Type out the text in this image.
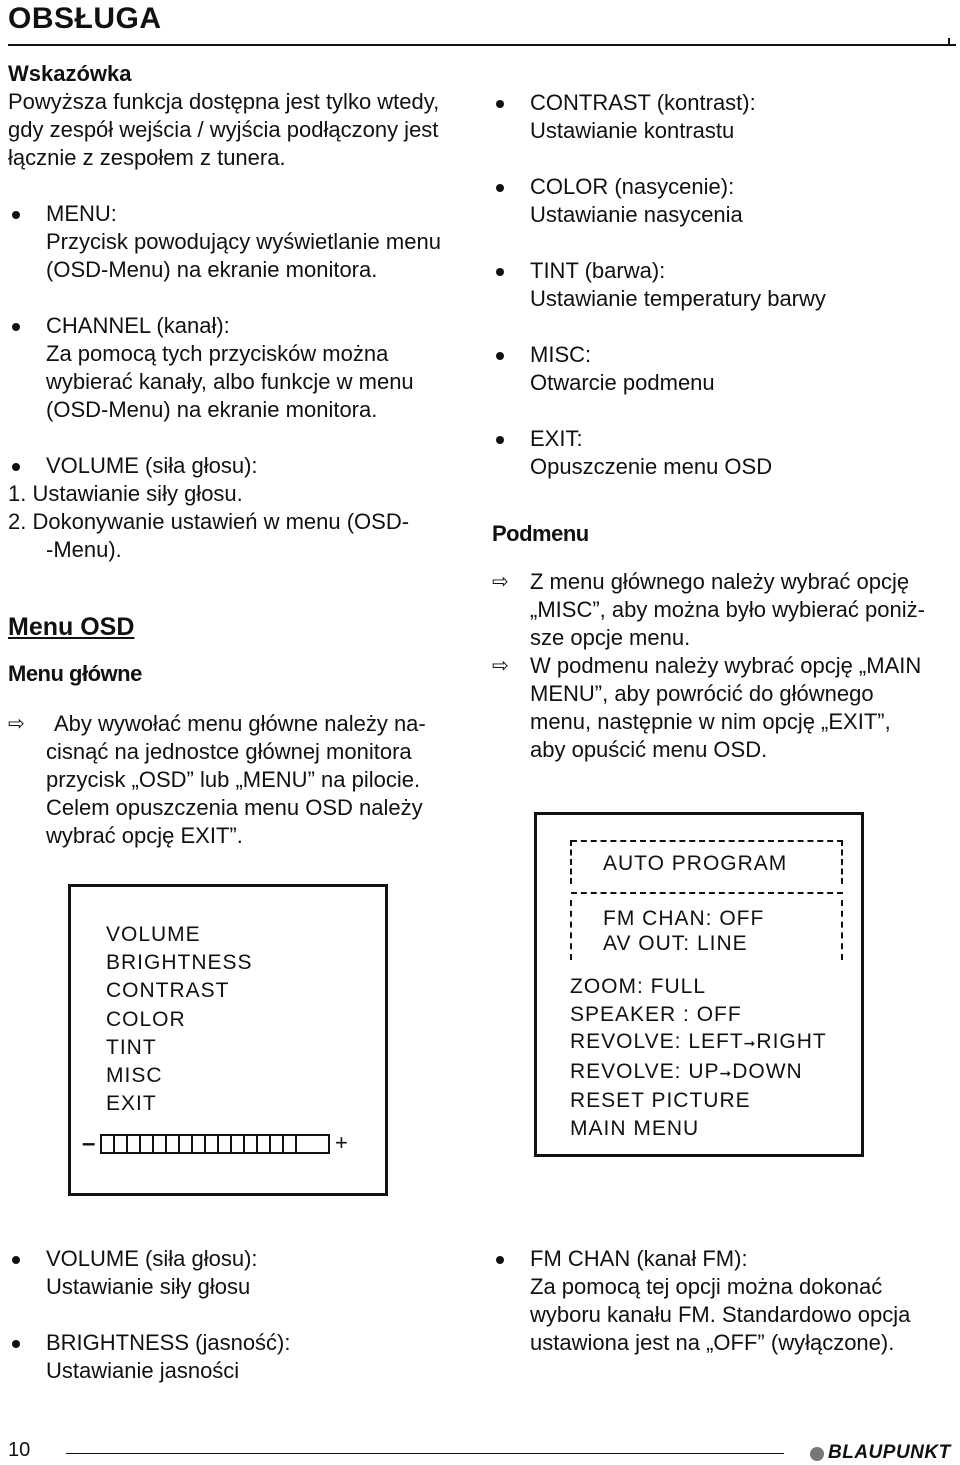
OBSŁUGA

Wskazówka

Powyższa funkcja dostępna jest tylko wtedy,

gdy zespół wejścia / wyjścia podłączony jest

łącznie z zespołem z tunera.

MENU:

Przycisk powodujący wyświetlanie menu

(OSD-Menu) na ekranie monitora.

CHANNEL (kanał):

Za pomocą tych przycisków można

wybierać kanały, albo funkcje w menu

(OSD-Menu) na ekranie monitora.

VOLUME (siła głosu):

1. Ustawianie siły głosu.

2. Dokonywanie ustawień w menu (OSD-

-Menu).

Menu OSD
Menu główne
⇨	Aby wywołać menu główne należy na-

cisnąć na jednostce głównej monitora

przycisk „OSD” lub „MENU” na pilocie.

Celem opuszczenia menu OSD należy

wybrać opcję EXIT”.

VOLUME
BRIGHTNESS
CONTRAST
COLOR
TINT
MISC
EXIT
–	+

CONTRAST (kontrast):

Ustawianie kontrastu

COLOR (nasycenie):

Ustawianie nasycenia

TINT (barwa):

Ustawianie temperatury barwy

MISC:

Otwarcie podmenu

EXIT:

Opuszczenie menu OSD

Podmenu
⇨ Z menu głównego należy wybrać opcję

„MISC”, aby można było wybierać poniż-

sze opcje menu.

⇨ W podmenu należy wybrać opcję „MAIN

MENU”, aby powrócić do głównego

menu, następnie w nim opcję „EXIT”,

aby opuścić menu OSD.

AUTO PROGRAM
FM CHAN: OFF
AV OUT: LINE
ZOOM: FULL
SPEAKER : OFF
REVOLVE: LEFT➞RIGHT
REVOLVE: UP➞DOWN
RESET PICTURE
MAIN MENU

VOLUME (siła głosu):

Ustawianie siły głosu

BRIGHTNESS (jasność):

Ustawianie jasności

FM CHAN (kanał FM):

Za pomocą tej opcji można dokonać

wyboru kanału FM. Standardowo opcja

ustawiona jest na „OFF” (wyłączone).

10	BLAUPUNKT
